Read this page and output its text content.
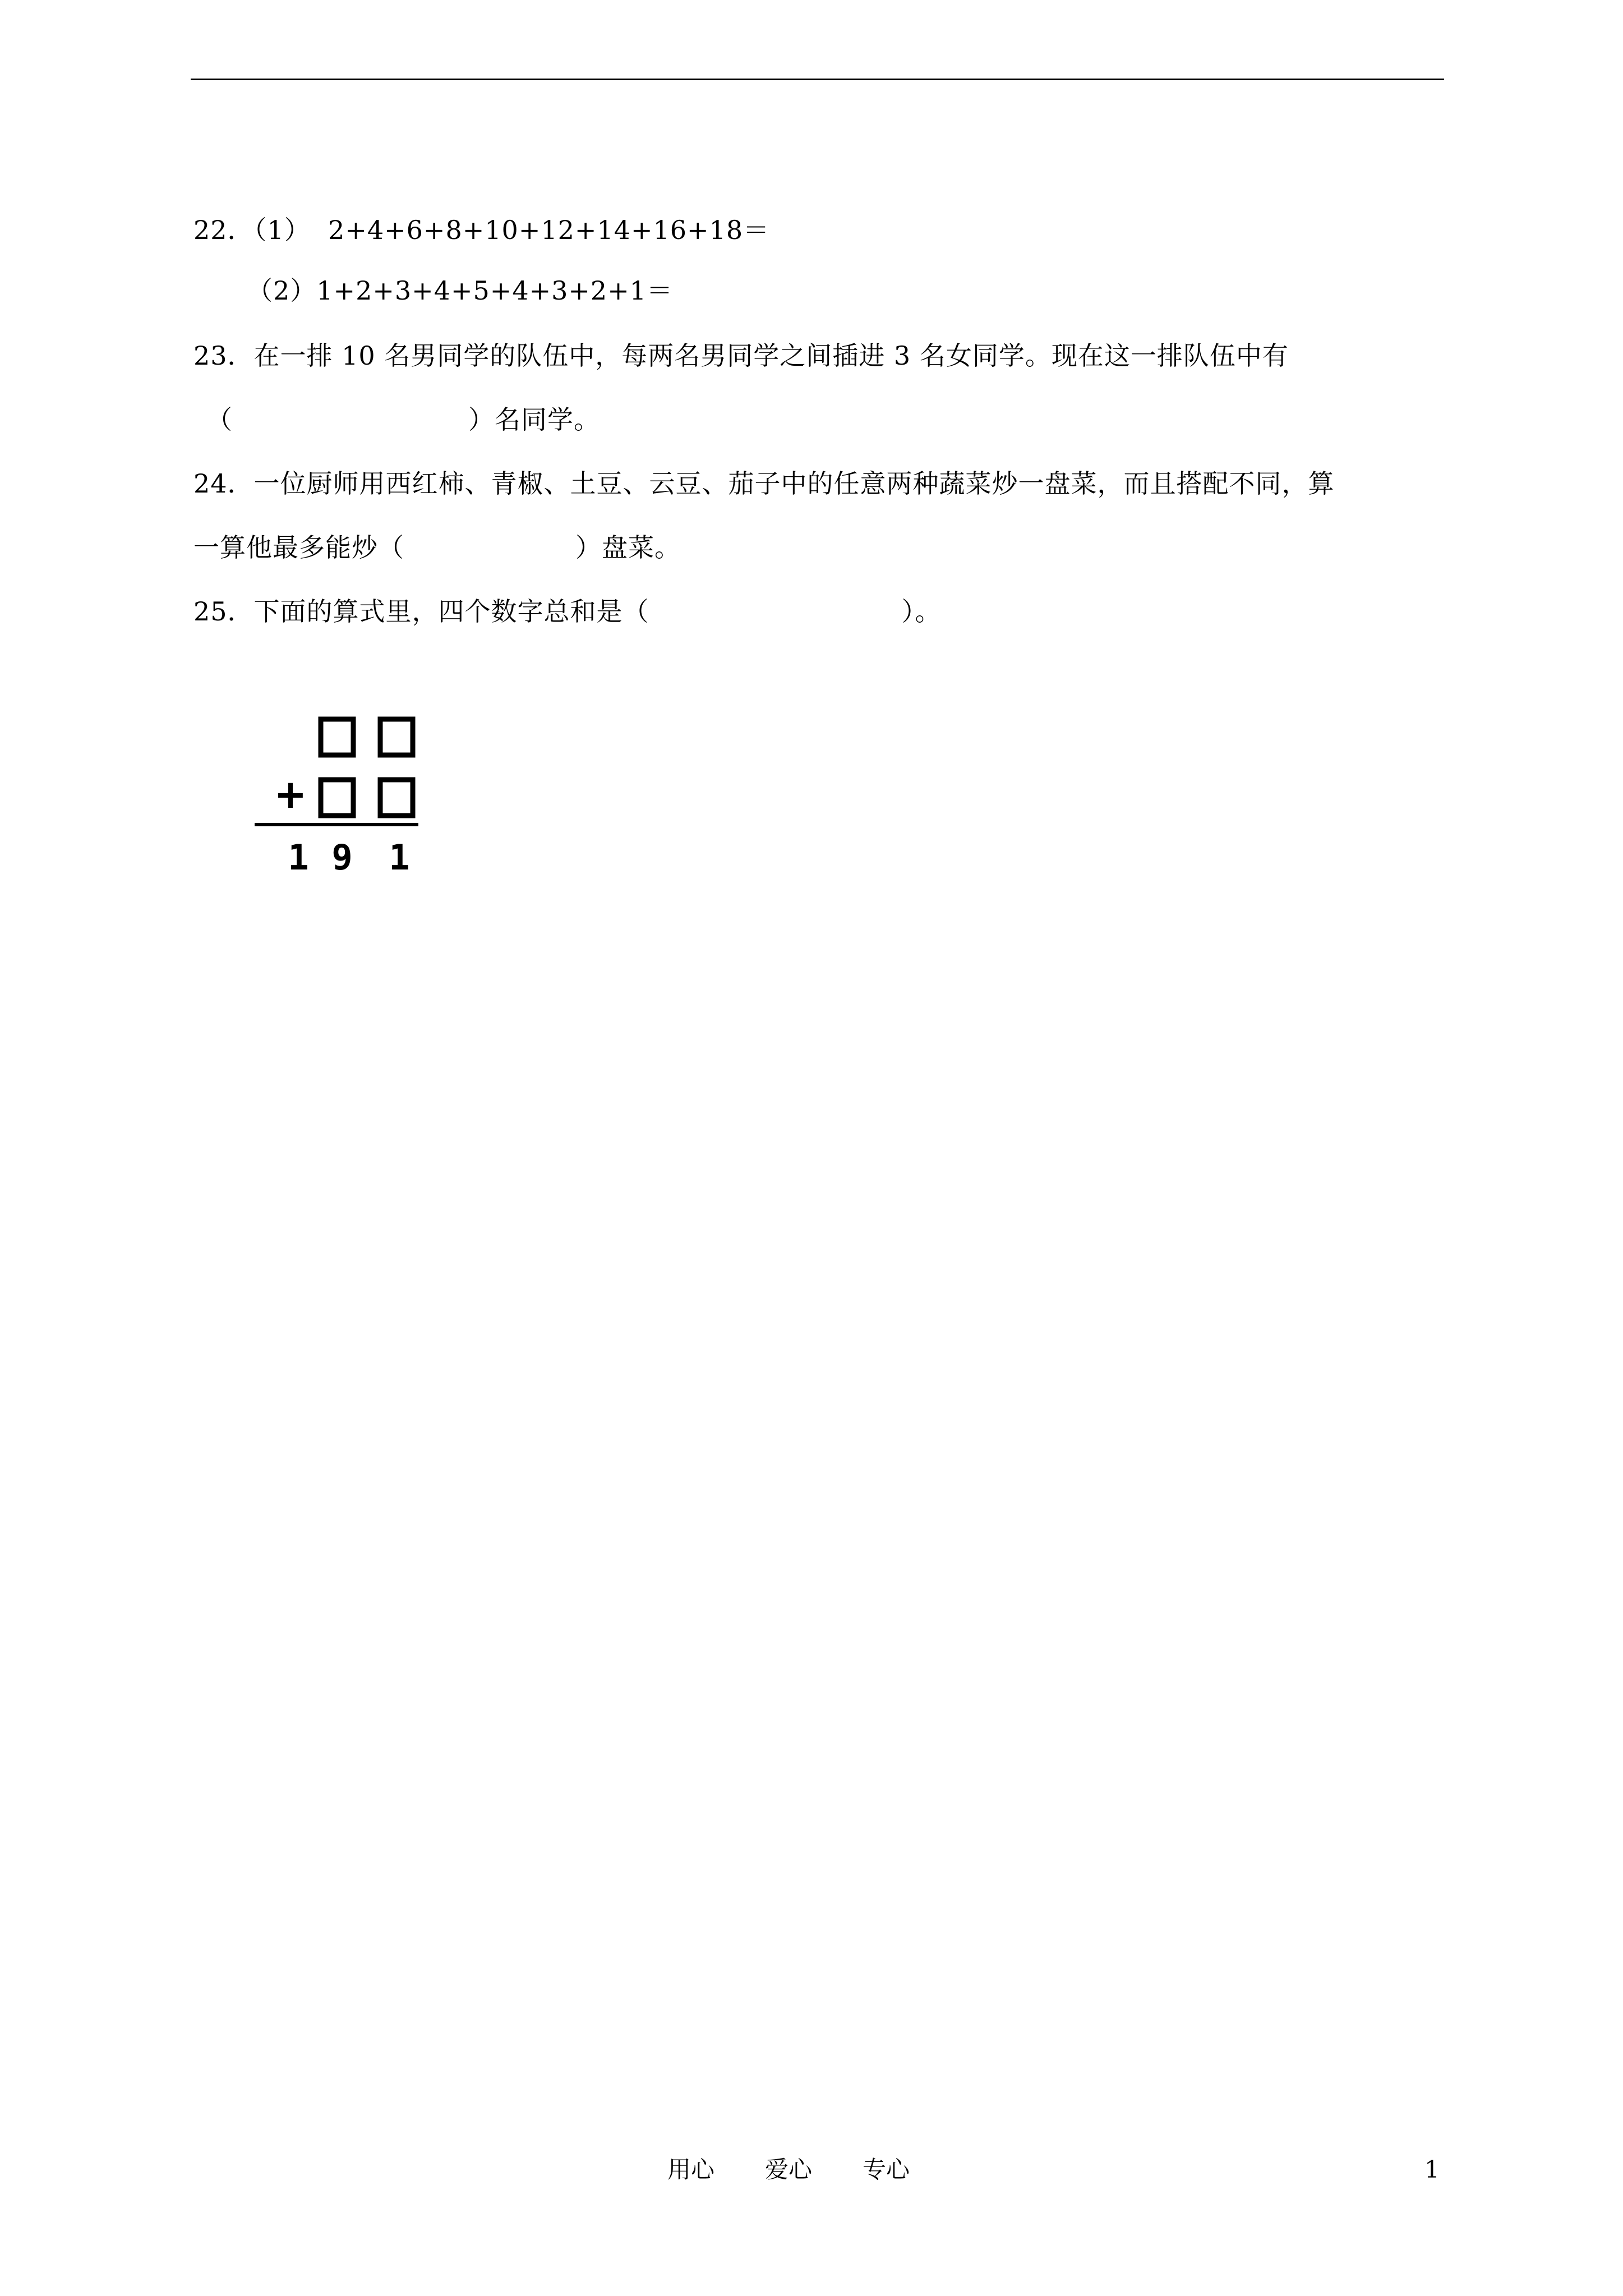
22．（1）  2+4+6+8+10+12+14+16+18＝
（2）1+2+3+4+5+4+3+2+1＝
23．在一排 10 名男同学的队伍中，每两名男同学之间插进 3 名女同学。现在这一排队伍中有
（	）名同学。
24．一位厨师用西红柿、青椒、土豆、云豆、茄子中的任意两种蔬菜炒一盘菜，而且搭配不同，算
一算他最多能炒（	）盘菜。
25．下面的算式里，四个数字总和是（	）。
+
1 9 1
用心 爱心 专心	1
